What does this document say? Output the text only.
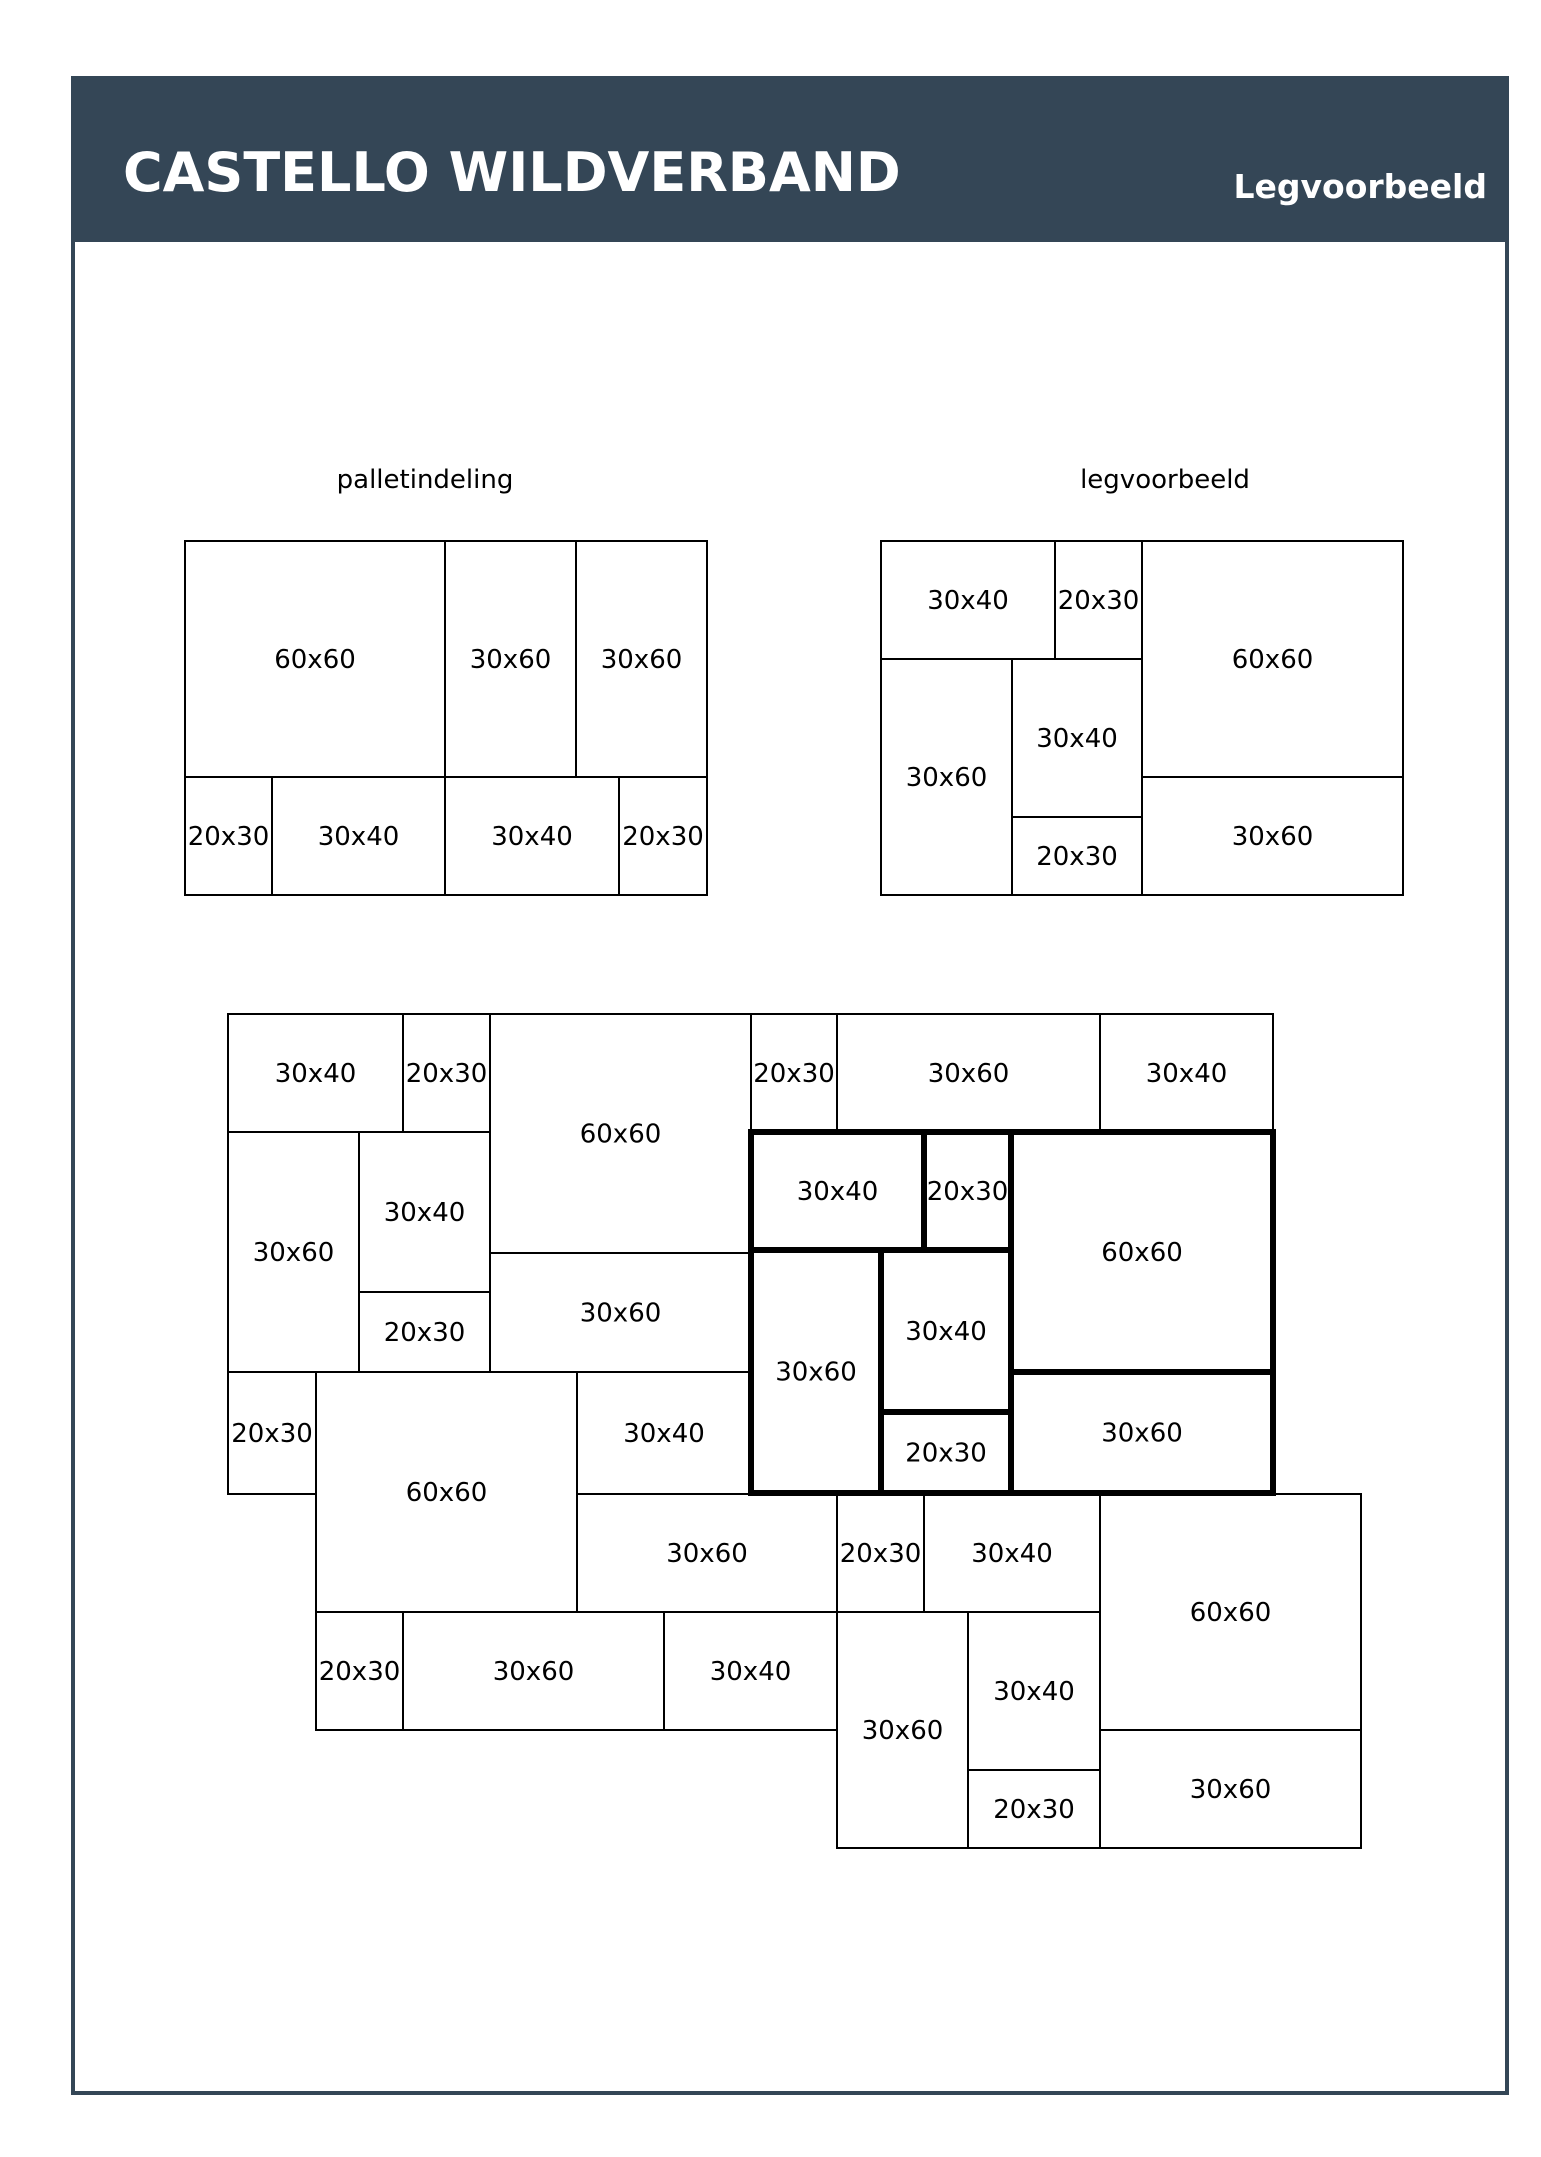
CASTELLO WILDVERBAND	Legvoorbeeld
palletindeling	legvoorbeeld
60x60	30x60 30x60
20x30 30x40	30x40 20x30
30x40 20x30
60x60
30x60
30x40
20x30
30x60
30x40 20x30
60x60
20x30	30x60	30x40
30x60
30x40
20x30
30x60
30x40 20x30
60x60
30x60
30x40
20x30
30x60
20x30
60x60
30x40
30x60	20x30 30x40
60x60
20x30	30x60	30x40
30x60
30x40
20x30
30x60
